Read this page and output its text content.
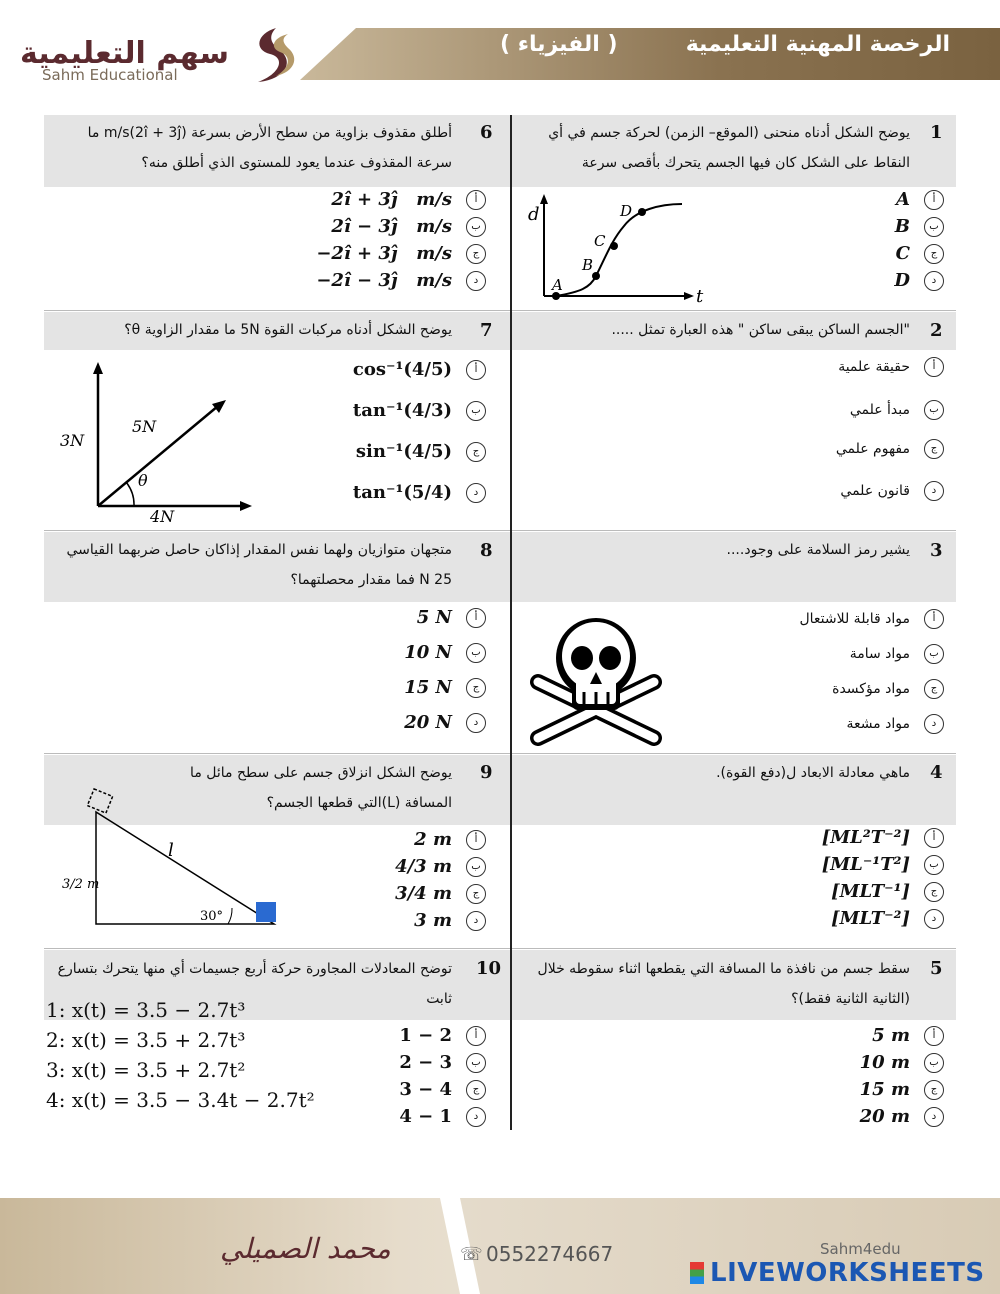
الرخصة المهنية التعليمية
( الفيزياء )
سهم التعليمية
Sahm Educational
1
يوضح الشكل أدناه منحنى (الموقع– الزمن) لحركة جسم في أي النقاط على الشكل كان فيها الجسم يتحرك بأقصى سرعة
أA
بB
جC
دD
d
t
A
B
C
D
2
"الجسم الساكن يبقى ساكن " هذه العبارة تمثل .....
أحقيقة علمية
بمبدأ علمي
جمفهوم علمي
دقانون علمي
3
يشير رمز السلامة على وجود....
أمواد قابلة للاشتعال
بمواد سامة
جمواد مؤكسدة
دمواد مشعة
4
ماهي معادلة الابعاد ل(دفع القوة).
أ[ML²T⁻²]
ب[ML⁻¹T²]
ج[MLT⁻¹]
د[MLT⁻²]
5
سقط جسم من نافذة ما المسافة التي يقطعها اثناء سقوطه خلال (الثانية الثانية فقط)؟
أ5 m
ب10 m
ج15 m
د20 m
6
أطلق مقذوف بزاوية من سطح الأرض بسرعة (2î + 3ĵ)m/s ما سرعة المقذوف عندما يعود للمستوى الذي أطلق منه؟
أ2î + 3ĵ   m/s
ب2î − 3ĵ   m/s
ج−2î + 3ĵ   m/s
د−2î − 3ĵ   m/s
7
يوضح الشكل أدناه مركبات القوة 5N ما مقدار الزاوية θ؟
أcos⁻¹(4/5)
بtan⁻¹(4/3)
جsin⁻¹(4/5)
دtan⁻¹(5/4)
3N
5N
4N
θ
8
متجهان متوازيان ولهما نفس المقدار إذاكان حاصل ضربهما القياسي N 25 فما مقدار محصلتهما؟
أ5 N
ب10 N
ج15 N
د20 N
9
يوضح الشكل انزلاق جسم على سطح مائل ما المسافة (L)التي قطعها الجسم؟
أ2 m
ب4/3 m
ج3/4 m
د3 m
30°
l
3/2 m
10
توضح المعادلات المجاورة حركة أربع جسيمات أي منها يتحرك بتسارع ثابت
1: x(t) = 3.5 − 2.7t³
2: x(t) = 3.5 + 2.7t³
3: x(t) = 3.5 + 2.7t²
4: x(t) = 3.5 − 3.4t − 2.7t²
أ1 − 2
ب2 − 3
ج3 − 4
د4 − 1
محمد الصميلي	☏ 0552274667	Sahm4edu
LIVEWORKSHEETS
